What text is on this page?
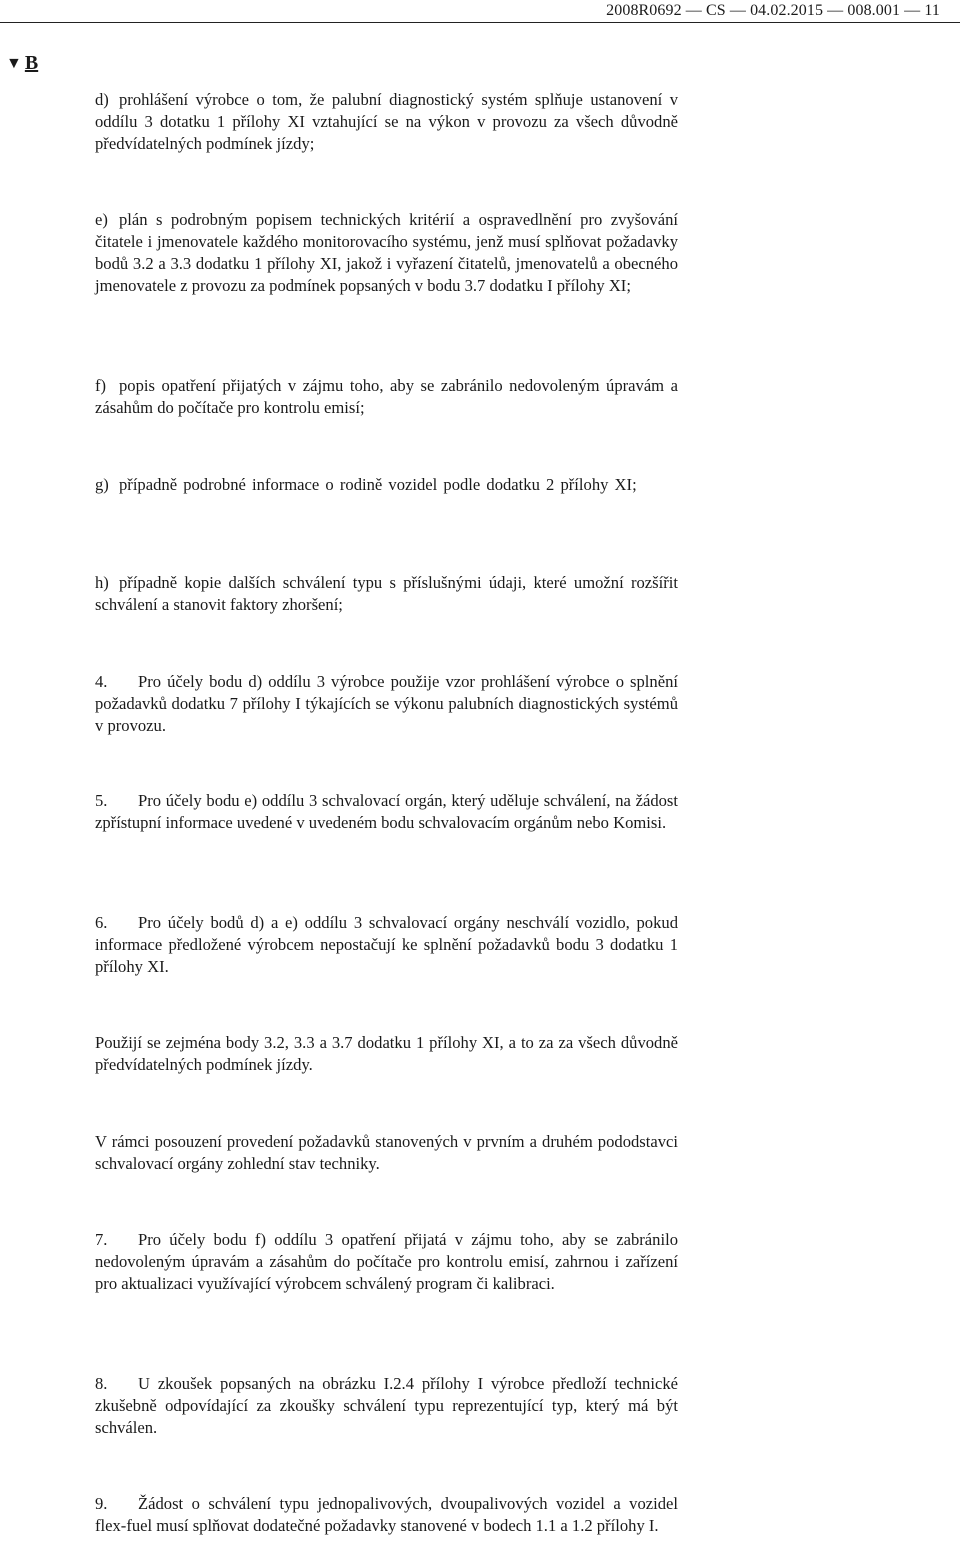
2008R0692 — CS — 04.02.2015 — 008.001 — 11
▼ B
d) prohlášení výrobce o tom, že palubní diagnostický systém splňuje ustanovení v oddílu 3 dotatku 1 přílohy XI vztahující se na výkon v provozu za všech důvodně předvídatelných podmínek jízdy;
e) plán s podrobným popisem technických kritérií a ospravedlnění pro zvyšování čitatele i jmenovatele každého monitorovacího systému, jenž musí splňovat požadavky bodů 3.2 a 3.3 dodatku 1 přílohy XI, jakož i vyřazení čitatelů, jmenovatelů a obecného jmenovatele z provozu za podmínek popsaných v bodu 3.7 dodatku I přílohy XI;
f) popis opatření přijatých v zájmu toho, aby se zabránilo nedovoleným úpravám a zásahům do počítače pro kontrolu emisí;
g) případně podrobné informace o rodině vozidel podle dodatku 2 přílohy XI;
h) případně kopie dalších schválení typu s příslušnými údaji, které umožní rozšířit schválení a stanovit faktory zhoršení;
4. Pro účely bodu d) oddílu 3 výrobce použije vzor prohlášení výrobce o splnění požadavků dodatku 7 přílohy I týkajících se výkonu palubních diagnostických systémů v provozu.
5. Pro účely bodu e) oddílu 3 schvalovací orgán, který uděluje schválení, na žádost zpřístupní informace uvedené v uvedeném bodu schvalovacím orgánům nebo Komisi.
6. Pro účely bodů d) a e) oddílu 3 schvalovací orgány neschválí vozidlo, pokud informace předložené výrobcem nepostačují ke splnění požadavků bodu 3 dodatku 1 přílohy XI.
Použijí se zejména body 3.2, 3.3 a 3.7 dodatku 1 přílohy XI, a to za za všech důvodně předvídatelných podmínek jízdy.
V rámci posouzení provedení požadavků stanovených v prvním a druhém pododstavci schvalovací orgány zohlední stav techniky.
7. Pro účely bodu f) oddílu 3 opatření přijatá v zájmu toho, aby se zabránilo nedovoleným úpravám a zásahům do počítače pro kontrolu emisí, zahrnou i zařízení pro aktualizaci využívající výrobcem schválený program či kalibraci.
8. U zkoušek popsaných na obrázku I.2.4 přílohy I výrobce předloží technické zkušebně odpovídající za zkoušky schválení typu reprezentující typ, který má být schválen.
9. Žádost o schválení typu jednopalivových, dvoupalivových vozidel a vozidel flex-fuel musí splňovat dodatečné požadavky stanovené v bodech 1.1 a 1.2 přílohy I.
